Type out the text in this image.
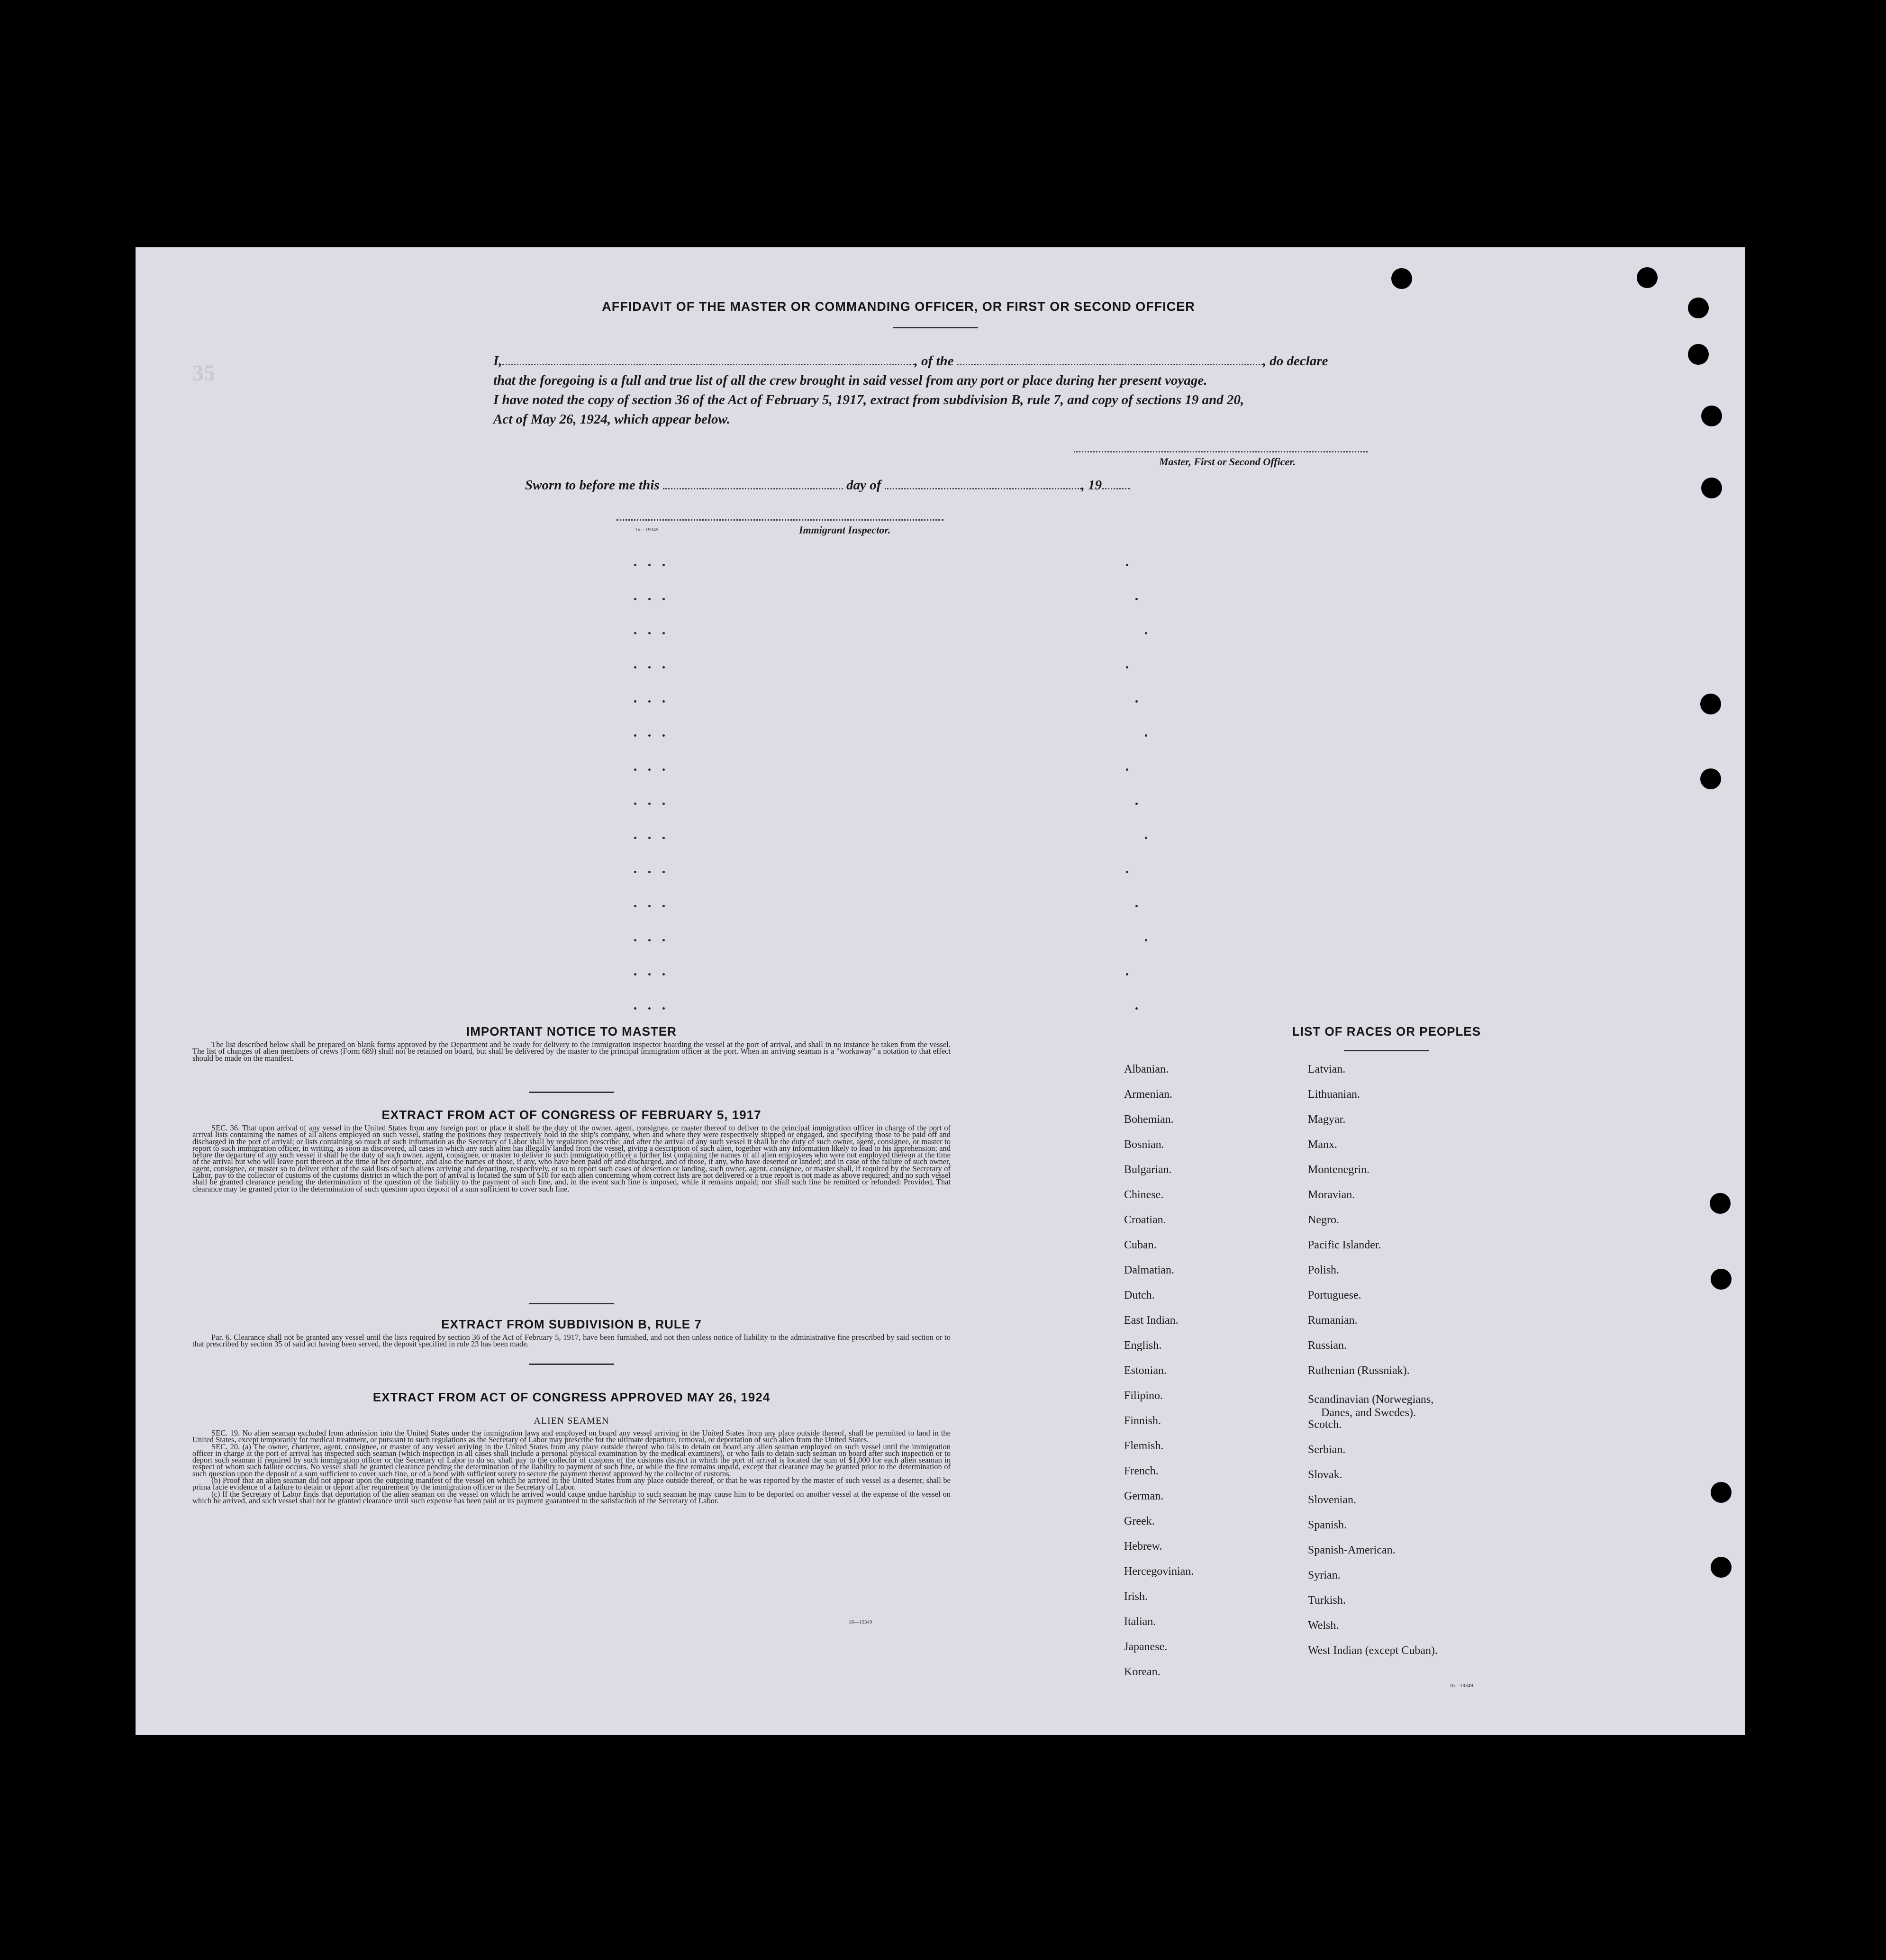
35
AFFIDAVIT OF THE MASTER OR COMMANDING OFFICER, OR FIRST OR SECOND OFFICER
I,	, of the	, do declare
that the foregoing is a full and true list of all the crew brought in said vessel from any port or place during her present voyage.
I have noted the copy of section 36 of the Act of February 5, 1917, extract from subdivision B, rule 7, and copy of sections 19 and 20,
Act of May 26, 1924, which appear below.
Master, First or Second Officer.
Sworn to before me this	day of	, 19
16—19349	Immigrant Inspector.
IMPORTANT NOTICE TO MASTER

The list described below shall be prepared on blank forms approved by the Department and be ready for delivery to the immigration inspector boarding the vessel at the port of arrival, and shall in no instance be taken from the vessel. The list of changes of alien members of crews (Form 689) shall not be retained on board, but shall be delivered by the master to the principal immigration officer at the port. When an arriving seaman is a "workaway" a notation to that effect should be made on the manifest.

EXTRACT FROM ACT OF CONGRESS OF FEBRUARY 5, 1917

SEC. 36. That upon arrival of any vessel in the United States from any foreign port or place it shall be the duty of the owner, agent, consignee, or master thereof to deliver to the principal immigration officer in charge of the port of arrival lists containing the names of all aliens employed on such vessel, stating the positions they respectively hold in the ship's company, when and where they were respectively shipped or engaged, and specifying those to be paid off and discharged in the port of arrival; or lists containing so much of such information as the Secretary of Labor shall by regulation prescribe; and after the arrival of any such vessel it shall be the duty of such owner, agent, consignee, or master to report to such immigration officer, in writing, as soon as discovered, all cases in which any such alien has illegally landed from the vessel, giving a description of such alien, together with any information likely to lead to his apprehension; and before the departure of any such vessel it shall be the duty of such owner, agent, consignee, or master to deliver to such immigration officer a further list containing the names of all alien employees who were not employed thereon at the time of the arrival but who will leave port thereon at the time of her departure, and also the names of those, if any, who have been paid off and discharged, and of those, if any, who have deserted or landed; and in case of the failure of such owner, agent, consignee, or master so to deliver either of the said lists of such aliens arriving and departing, respectively, or so to report such cases of desertion or landing, such owner, agent, consignee, or master shall, if required by the Secretary of Labor, pay to the collector of customs of the customs district in which the port of arrival is located the sum of $10 for each alien concerning whom correct lists are not delivered or a true report is not made as above required; and no such vessel shall be granted clearance pending the determination of the question of the liability to the payment of such fine, and, in the event such fine is imposed, while it remains unpaid; nor shall such fine be remitted or refunded: Provided, That clearance may be granted prior to the determination of such question upon deposit of a sum sufficient to cover such fine.

EXTRACT FROM SUBDIVISION B, RULE 7

Par. 6. Clearance shall not be granted any vessel until the lists required by section 36 of the Act of February 5, 1917, have been furnished, and not then unless notice of liability to the administrative fine prescribed by said section or to that prescribed by section 35 of said act having been served, the deposit specified in rule 23 has been made.

EXTRACT FROM ACT OF CONGRESS APPROVED MAY 26, 1924
ALIEN SEAMEN

SEC. 19. No alien seaman excluded from admission into the United States under the immigration laws and employed on board any vessel arriving in the United States from any place outside thereof, shall be permitted to land in the United States, except temporarily for medical treatment, or pursuant to such regulations as the Secretary of Labor may prescribe for the ultimate departure, removal, or deportation of such alien from the United States.

SEC. 20. (a) The owner, charterer, agent, consignee, or master of any vessel arriving in the United States from any place outside thereof who fails to detain on board any alien seaman employed on such vessel until the immigration officer in charge at the port of arrival has inspected such seaman (which inspection in all cases shall include a personal physical examination by the medical examiners), or who fails to detain such seaman on board after such inspection or to deport such seaman if required by such immigration officer or the Secretary of Labor to do so, shall pay to the collector of customs of the customs district in which the port of arrival is located the sum of $1,000 for each alien seaman in respect of whom such failure occurs. No vessel shall be granted clearance pending the determination of the liability to payment of such fine, or while the fine remains unpaid, except that clearance may be granted prior to the determination of such question upon the deposit of a sum sufficient to cover such fine, or of a bond with sufficient surety to secure the payment thereof approved by the collector of customs.

(b) Proof that an alien seaman did not appear upon the outgoing manifest of the vessel on which he arrived in the United States from any place outside thereof, or that he was reported by the master of such vessel as a deserter, shall be prima facie evidence of a failure to detain or deport after requirement by the immigration officer or the Secretary of Labor.

(c) If the Secretary of Labor finds that deportation of the alien seaman on the vessel on which he arrived would cause undue hardship to such seaman he may cause him to be deported on another vessel at the expense of the vessel on which he arrived, and such vessel shall not be granted clearance until such expense has been paid or its payment guaranteed to the satisfaction of the Secretary of Labor.

16—19349
LIST OF RACES OR PEOPLES
Albanian.
Armenian.
Bohemian.
Bosnian.
Bulgarian.
Chinese.
Croatian.
Cuban.
Dalmatian.
Dutch.
East Indian.
English.
Estonian.
Filipino.
Finnish.
Flemish.
French.
German.
Greek.
Hebrew.
Hercegovinian.
Irish.
Italian.
Japanese.
Korean.
Latvian.
Lithuanian.
Magyar.
Manx.
Montenegrin.
Moravian.
Negro.
Pacific Islander.
Polish.
Portuguese.
Rumanian.
Russian.
Ruthenian (Russniak).
Scandinavian (Norwegians,
Danes, and Swedes).
Scotch.
Serbian.
Slovak.
Slovenian.
Spanish.
Spanish-American.
Syrian.
Turkish.
Welsh.
West Indian (except Cuban).
16—19349
